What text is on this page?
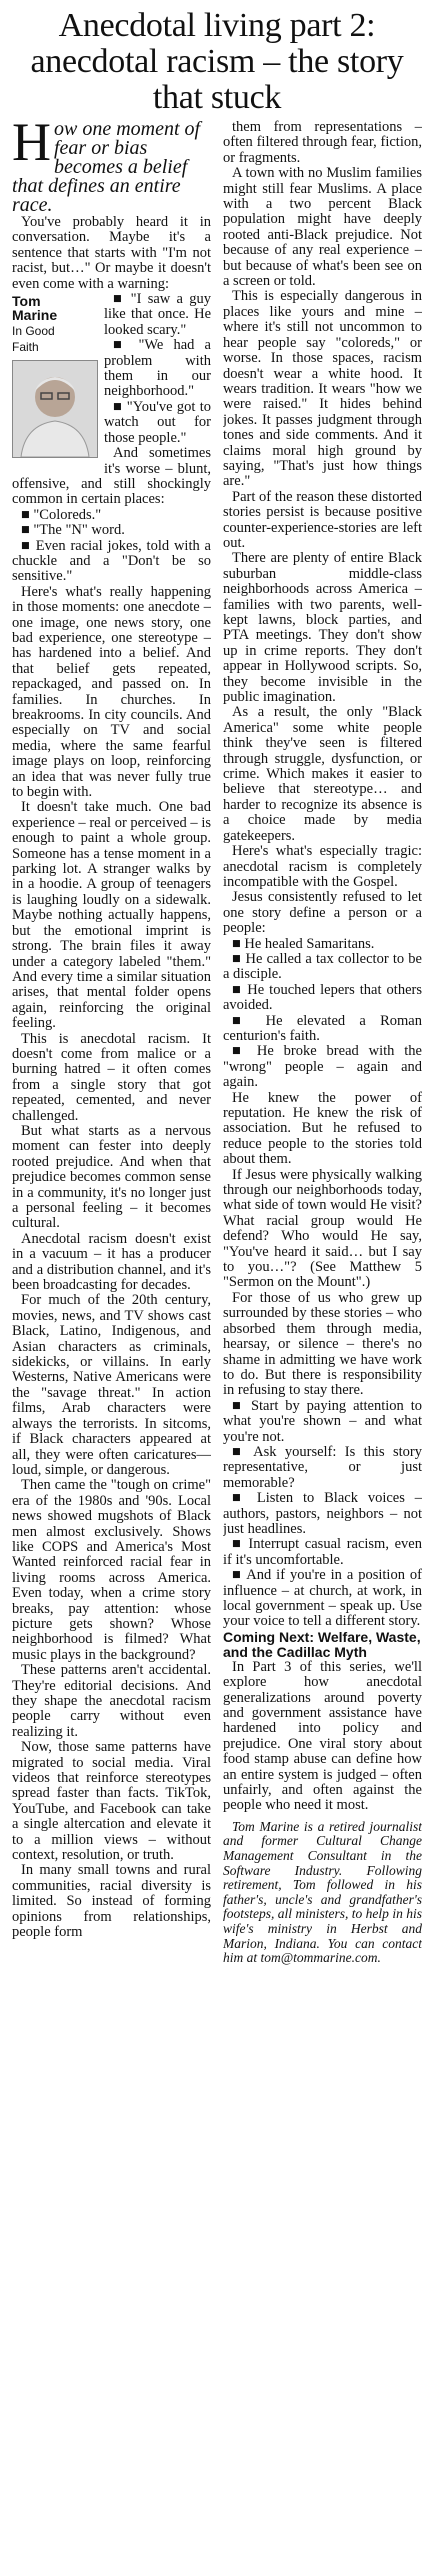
Anecdotal living part 2: anecdotal racism – the story that stuck

How one moment of fear or bias becomes a belief that defines an entire race.

You've probably heard it in conversation. Maybe it's a sentence that starts with "I'm not racist, but…" Or maybe it doesn't even come with a warning:

Tom
Marine
In Good
Faith

■ "I saw a guy like that once. He looked scary."

■ "We had a problem with them in our neighborhood."

■ "You've got to watch out for those people."

And sometimes it's worse – blunt, offensive, and still shockingly common in certain places:

■ "Coloreds."

■ "The "N" word.

■ Even racial jokes, told with a chuckle and a "Don't be so sensitive."

Here's what's really happening in those moments: one anecdote – one image, one news story, one bad experience, one stereotype – has hardened into a belief. And that belief gets repeated, repackaged, and passed on. In families. In churches. In breakrooms. In city councils. And especially on TV and social media, where the same fearful image plays on loop, reinforcing an idea that was never fully true to begin with.

It doesn't take much. One bad experience – real or perceived – is enough to paint a whole group. Someone has a tense moment in a parking lot. A stranger walks by in a hoodie. A group of teenagers is laughing loudly on a sidewalk. Maybe nothing actually happens, but the emotional imprint is strong. The brain files it away under a category labeled "them." And every time a similar situation arises, that mental folder opens again, reinforcing the original feeling.

This is anecdotal racism. It doesn't come from malice or a burning hatred – it often comes from a single story that got repeated, cemented, and never challenged.

But what starts as a nervous moment can fester into deeply rooted prejudice. And when that prejudice becomes common sense in a community, it's no longer just a personal feeling – it becomes cultural.

Anecdotal racism doesn't exist in a vacuum – it has a producer and a distribution channel, and it's been broadcasting for decades.

For much of the 20th century, movies, news, and TV shows cast Black, Latino, Indigenous, and Asian characters as criminals, sidekicks, or villains. In early Westerns, Native Americans were the "savage threat." In action films, Arab characters were always the terrorists. In sitcoms, if Black characters appeared at all, they were often caricatures—loud, simple, or dangerous.

Then came the "tough on crime" era of the 1980s and '90s. Local news showed mugshots of Black men almost exclusively. Shows like COPS and America's Most Wanted reinforced racial fear in living rooms across America. Even today, when a crime story breaks, pay attention: whose picture gets shown? Whose neighborhood is filmed? What music plays in the background?

These patterns aren't accidental. They're editorial decisions. And they shape the anecdotal racism people carry without even realizing it.

Now, those same patterns have migrated to social media. Viral videos that reinforce stereotypes spread faster than facts. TikTok, YouTube, and Facebook can take a single altercation and elevate it to a million views – without context, resolution, or truth.

In many small towns and rural communities, racial diversity is limited. So instead of forming opinions from relationships, people form

them from representations – often filtered through fear, fiction, or fragments.

A town with no Muslim families might still fear Muslims. A place with a two percent Black population might have deeply rooted anti-Black prejudice. Not because of any real experience – but because of what's been see on a screen or told.

This is especially dangerous in places like yours and mine – where it's still not uncommon to hear people say "coloreds," or worse. In those spaces, racism doesn't wear a white hood. It wears tradition. It wears "how we were raised." It hides behind jokes. It passes judgment through tones and side comments. And it claims moral high ground by saying, "That's just how things are."

Part of the reason these distorted stories persist is because positive counter-experience-stories are left out.

There are plenty of entire Black suburban middle-class neighborhoods across America – families with two parents, well-kept lawns, block parties, and PTA meetings. They don't show up in crime reports. They don't appear in Hollywood scripts. So, they become invisible in the public imagination.

As a result, the only "Black America" some white people think they've seen is filtered through struggle, dysfunction, or crime. Which makes it easier to believe that stereotype… and harder to recognize its absence is a choice made by media gatekeepers.

Here's what's especially tragic: anecdotal racism is completely incompatible with the Gospel.

Jesus consistently refused to let one story define a person or a people:

■ He healed Samaritans.

■ He called a tax collector to be a disciple.

■ He touched lepers that others avoided.

■ He elevated a Roman centurion's faith.

■ He broke bread with the "wrong" people – again and again.

He knew the power of reputation. He knew the risk of association. But he refused to reduce people to the stories told about them.

If Jesus were physically walking through our neighborhoods today, what side of town would He visit? What racial group would He defend? Who would He say, "You've heard it said… but I say to you…"? (See Matthew 5 "Sermon on the Mount".)

For those of us who grew up surrounded by these stories – who absorbed them through media, hearsay, or silence – there's no shame in admitting we have work to do. But there is responsibility in refusing to stay there.

■ Start by paying attention to what you're shown – and what you're not.

■ Ask yourself: Is this story representative, or just memorable?

■ Listen to Black voices – authors, pastors, neighbors – not just headlines.

■ Interrupt casual racism, even if it's uncomfortable.

■ And if you're in a position of influence – at church, at work, in local government – speak up. Use your voice to tell a different story.

Coming Next: Welfare, Waste, and the Cadillac Myth

In Part 3 of this series, we'll explore how anecdotal generalizations around poverty and government assistance have hardened into policy and prejudice. One viral story about food stamp abuse can define how an entire system is judged – often unfairly, and often against the people who need it most.

Tom Marine is a retired journalist and former Cultural Change Management Consultant in the Software Industry. Following retirement, Tom followed in his father's, uncle's and grandfather's footsteps, all ministers, to help in his wife's ministry in Herbst and Marion, Indiana. You can contact him at tom@tommarine.com.
